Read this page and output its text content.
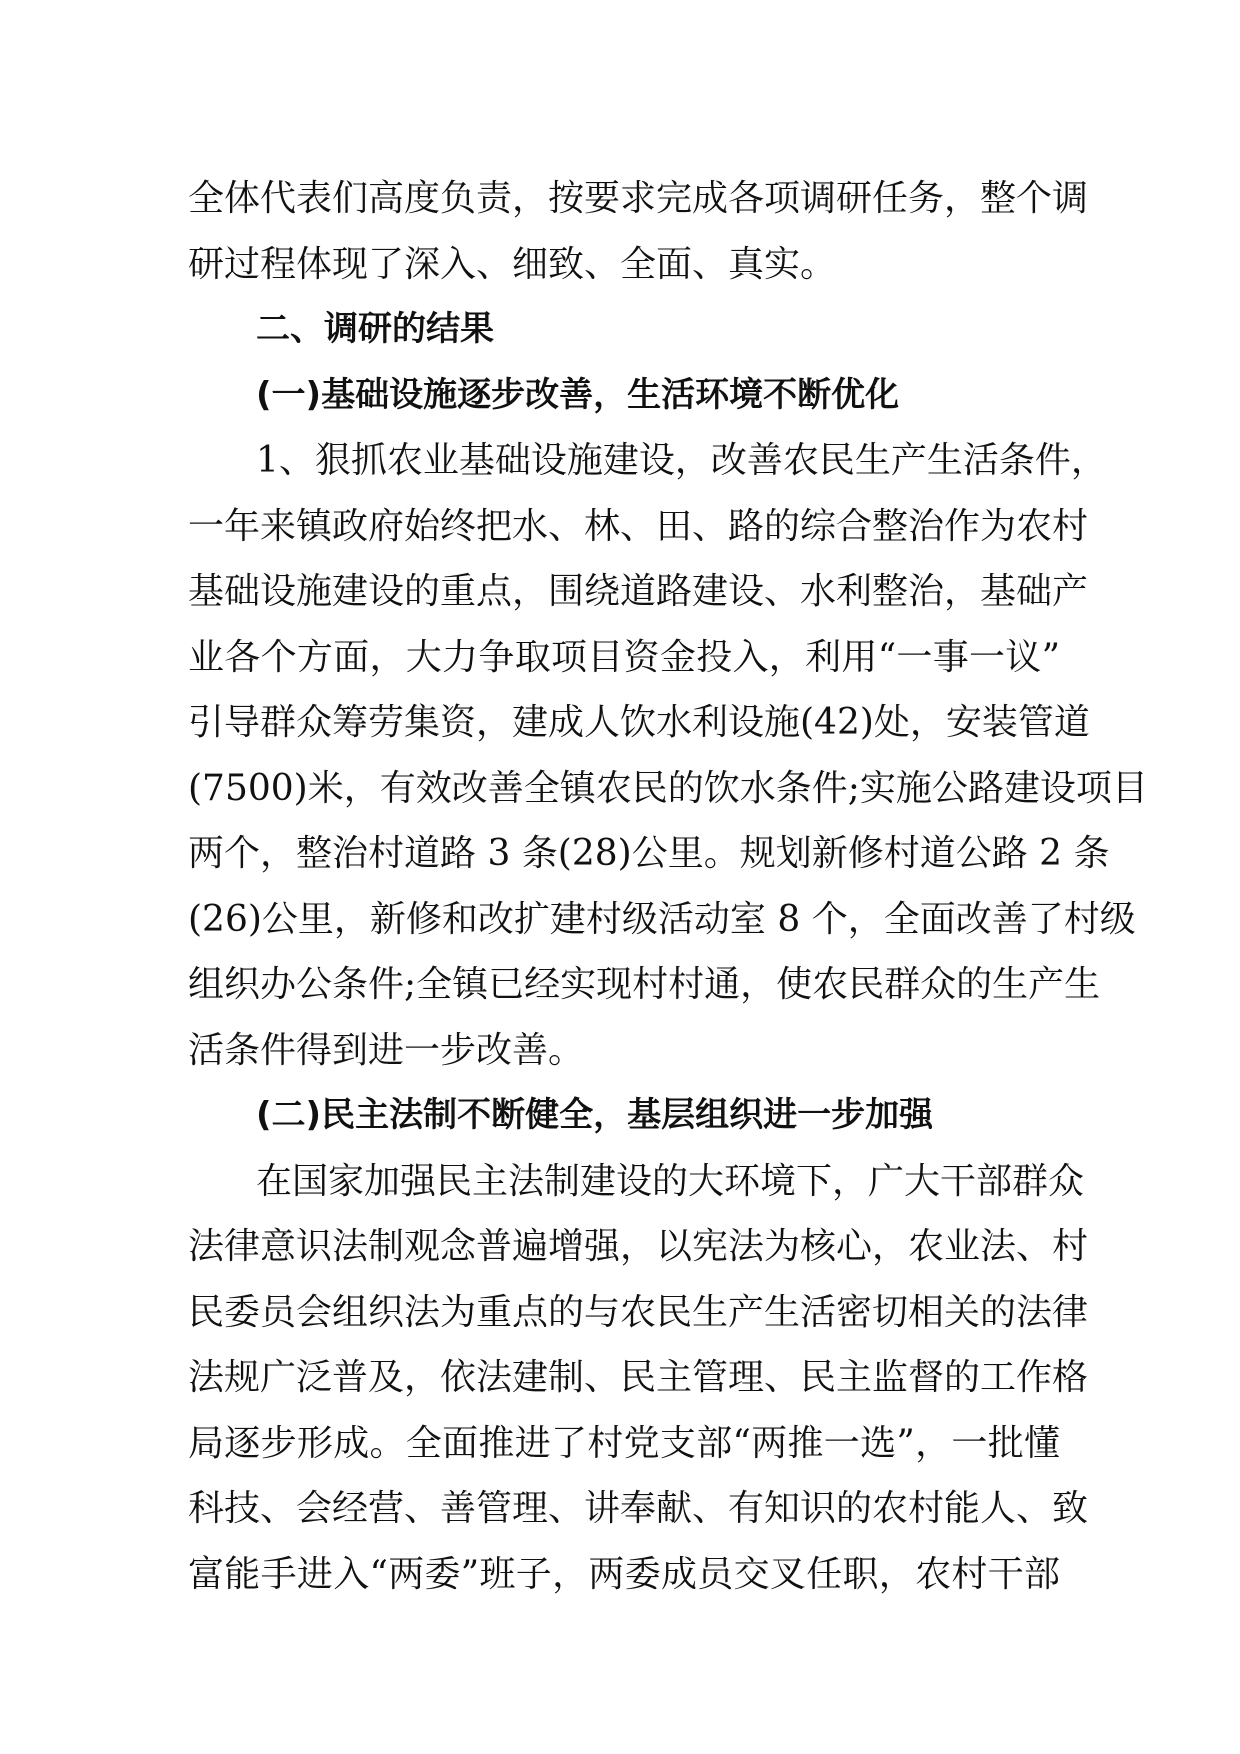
全体代表们高度负责，按要求完成各项调研任务，整个调
研过程体现了深入、细致、全面、真实。
二、调研的结果
(一)基础设施逐步改善，生活环境不断优化
1、狠抓农业基础设施建设，改善农民生产生活条件，
一年来镇政府始终把水、林、田、路的综合整治作为农村
基础设施建设的重点，围绕道路建设、水利整治，基础产
业各个方面，大力争取项目资金投入，利用“一事一议”
引导群众筹劳集资，建成人饮水利设施(42)处，安装管道
(7500)米，有效改善全镇农民的饮水条件;实施公路建设项目
两个，整治村道路 3 条(28)公里。规划新修村道公路 2 条
(26)公里，新修和改扩建村级活动室 8 个，全面改善了村级
组织办公条件;全镇已经实现村村通，使农民群众的生产生
活条件得到进一步改善。
(二)民主法制不断健全，基层组织进一步加强
在国家加强民主法制建设的大环境下，广大干部群众
法律意识法制观念普遍增强，以宪法为核心，农业法、村
民委员会组织法为重点的与农民生产生活密切相关的法律
法规广泛普及，依法建制、民主管理、民主监督的工作格
局逐步形成。全面推进了村党支部“两推一选”，一批懂
科技、会经营、善管理、讲奉献、有知识的农村能人、致
富能手进入“两委”班子，两委成员交叉任职，农村干部
